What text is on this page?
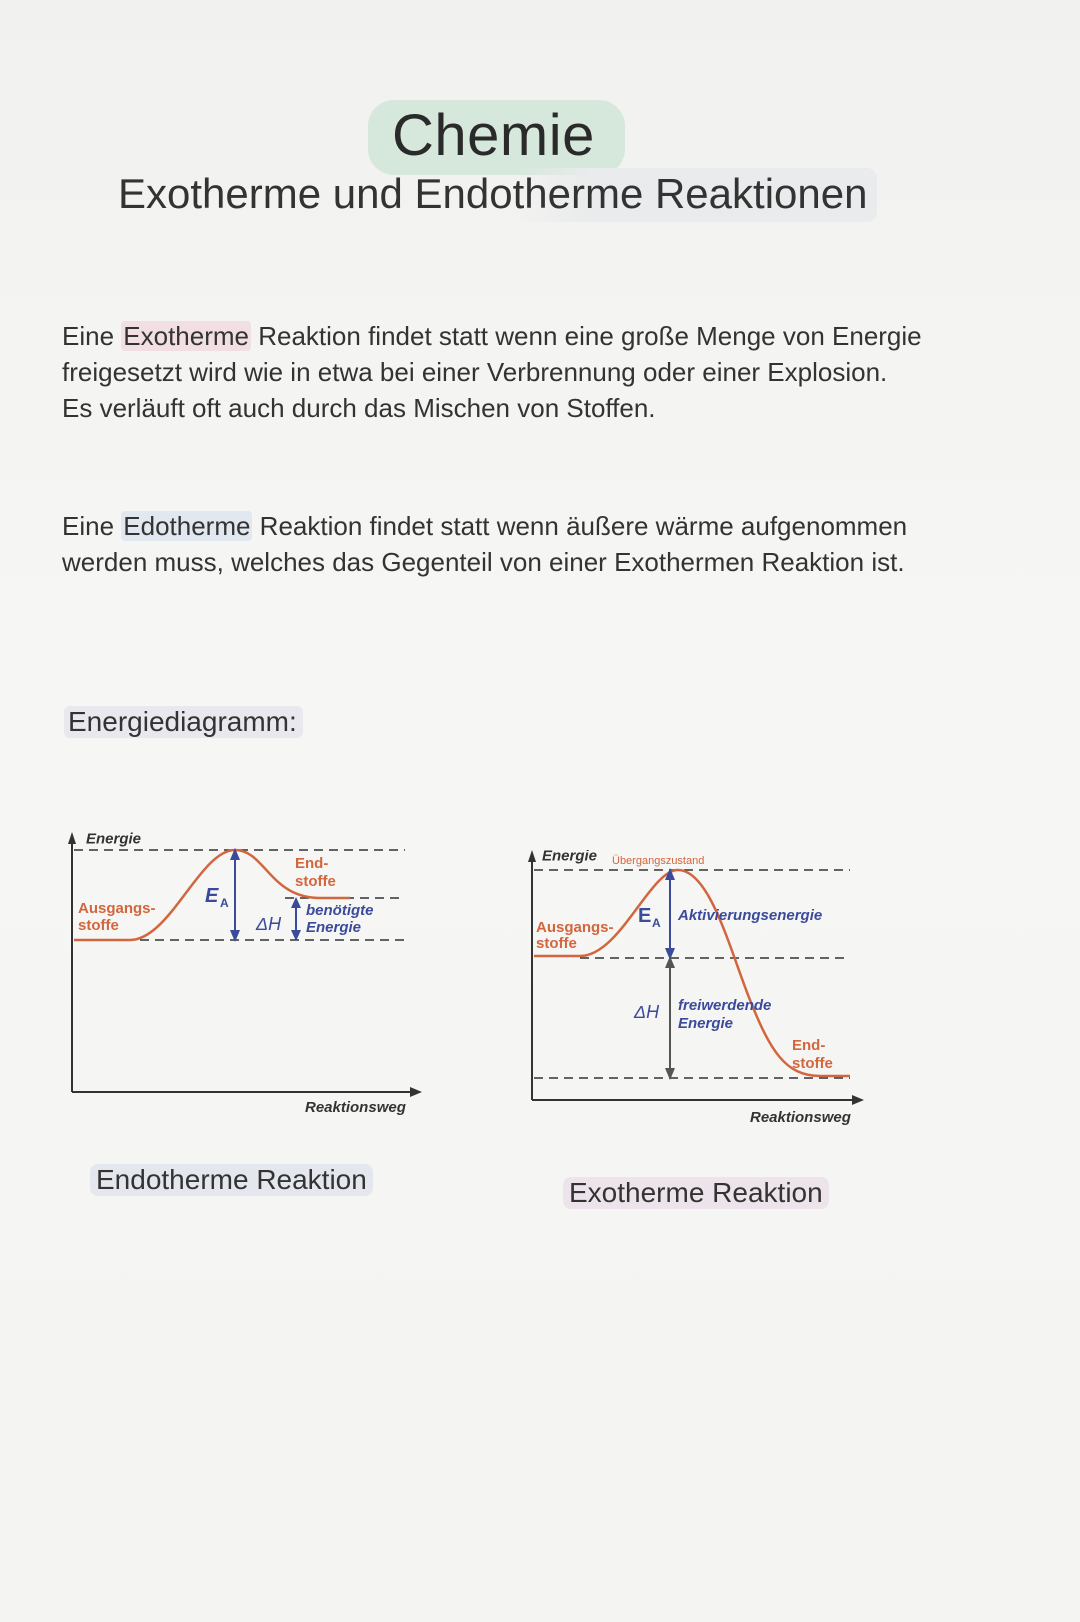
Chemie
Exotherme und Endotherme Reaktionen
Eine Exotherme Reaktion findet statt wenn eine große Menge von Energie freigesetzt wird wie in etwa bei einer Verbrennung oder einer Explosion. Es verläuft oft auch durch das Mischen von Stoffen.
Eine Edotherme Reaktion findet statt wenn äußere wärme aufgenommen werden muss, welches das Gegenteil von einer Exothermen Reaktion ist.
Energiediagramm:
Energie
Reaktionsweg
E A
ΔH
Ausgangs-
stoffe
End-
stoffe
benötigte
Energie
Endotherme Reaktion
Energie
Reaktionsweg
E A Aktivierungsenergie
ΔH
Übergangszustand
Ausgangs-
stoffe
freiwerdende
Energie
End-
stoffe
Exotherme Reaktion
